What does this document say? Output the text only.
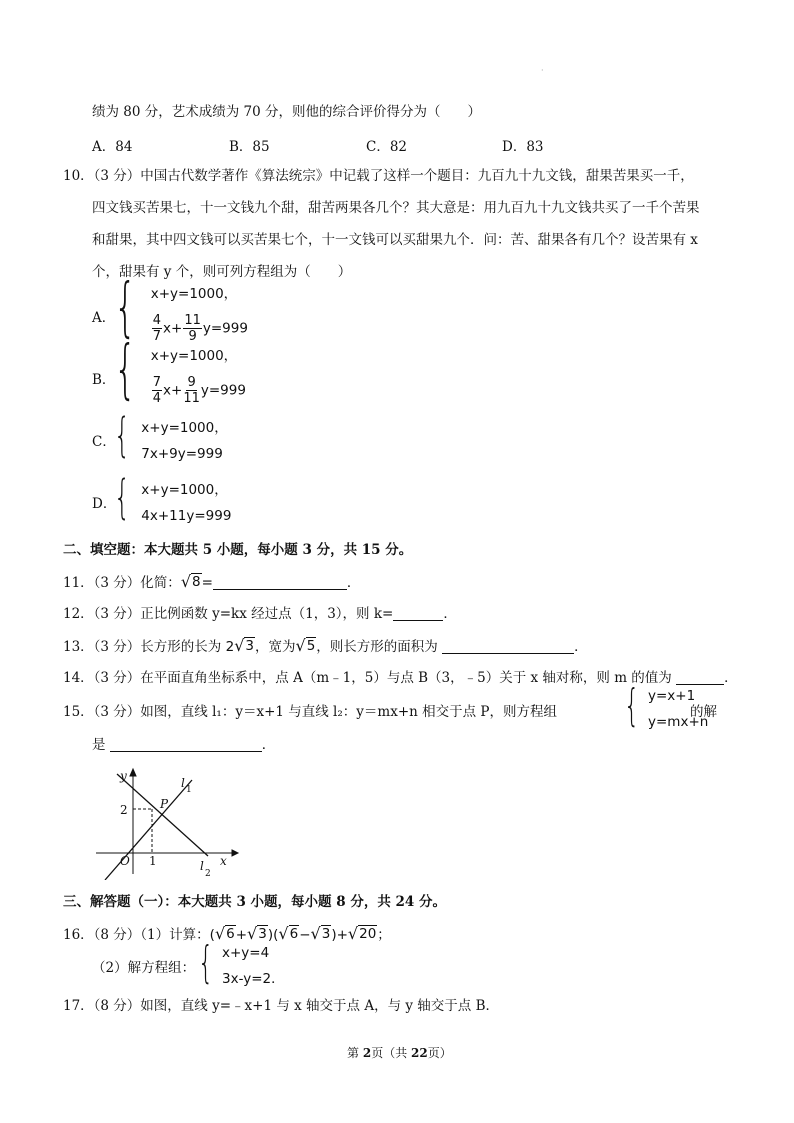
·
绩为 80 分，艺术成绩为 70 分，则他的综合评价得分为（　　）
A．84	B．85	C．82	D．83
10．（3 分）中国古代数学著作《算法统宗》中记载了这样一个题目：九百九十九文钱，甜果苦果买一千，
四文钱买苦果七，十一文钱九个甜，甜苦两果各几个？其大意是：用九百九十九文钱共买了一千个苦果
和甜果，其中四文钱可以买苦果七个，十一文钱可以买甜果九个．问：苦、甜果各有几个？设苦果有 x
个，甜果有 y 个，则可列方程组为（　　）
A．
{ x+y=1000，
$\frac{4}{7} x+ \frac{11}{9} y=999$
B．
{ x+y=1000，
$\frac{7}{4} x+ \frac{9}{11} y=999$
C．
{ x+y=1000，
7x+9y=999
D．
{ x+y=1000，
4x+11y=999
二、填空题：本大题共 5 小题，每小题 3 分，共 15 分。
11．（3 分）化简： √ 8 =	．
12．（3 分）正比例函数 y=kx 经过点（1，3），则 k=	．
13．（3 分）长方形的长为 2 √ 3 ，宽为 √ 5 ，则长方形的面积为	．
14．（3 分）在平面直角坐标系中，点 A（m﹣1，5）与点 B（3，﹣5）关于 x 轴对称，则 m 的值为	．
15．（3 分）如图，直线 l₁：y＝x+1 与直线 l₂：y＝mx+n 相交于点 P，则方程组 { y=x+1
y=mx+n
的解
是	．
y
x
O
2
1
P
l 1
l
2
三、解答题（一）：本大题共 3 小题，每小题 8 分，共 24 分。
16．（8 分）（1）计算：( √ 6 + √ 3 )( √ 6 − √ 3 )+ √ 20 ；
（2）解方程组： { x+y=4
3x-y=2．
17．（8 分）如图，直线 y=﹣x+1 与 x 轴交于点 A，与 y 轴交于点 B．
第 2页（共 22页）
